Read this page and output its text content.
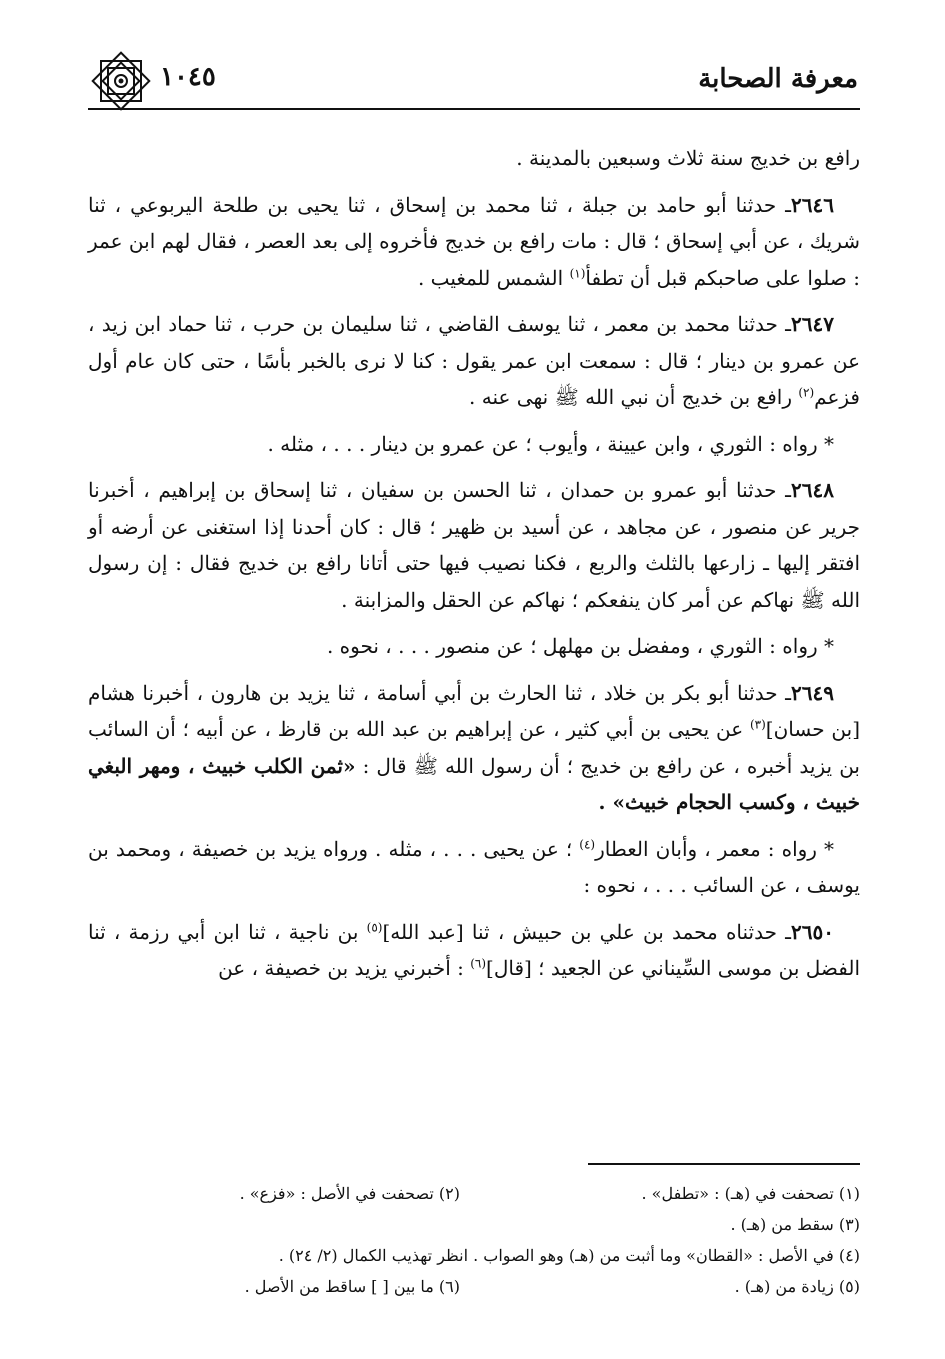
معرفة الصحابة
١٠٤٥

رافع بن خديج سنة ثلاث وسبعين بالمدينة .

٢٦٤٦ـ حدثنا أبو حامد بن جبلة ، ثنا محمد بن إسحاق ، ثنا يحيى بن طلحة اليربوعي ، ثنا شريك ، عن أبي إسحاق ؛ قال : مات رافع بن خديج فأخروه إلى بعد العصر ، فقال لهم ابن عمر : صلوا على صاحبكم قبل أن تطفأ$^{(١)}$ الشمس للمغيب .

٢٦٤٧ـ حدثنا محمد بن معمر ، ثنا يوسف القاضي ، ثنا سليمان بن حرب ، ثنا حماد ابن زيد ، عن عمرو بن دينار ؛ قال : سمعت ابن عمر يقول : كنا لا نرى بالخبر بأسًا ، حتى كان عام أول فزعم$^{(٢)}$ رافع بن خديج أن نبي الله ﷺ نهى عنه .

* رواه : الثوري ، وابن عيينة ، وأيوب ؛ عن عمرو بن دينار . . . ، مثله .

٢٦٤٨ـ حدثنا أبو عمرو بن حمدان ، ثنا الحسن بن سفيان ، ثنا إسحاق بن إبراهيم ، أخبرنا جرير عن منصور ، عن مجاهد ، عن أسيد بن ظهير ؛ قال : كان أحدنا إذا استغنى عن أرضه أو افتقر إليها ـ زارعها بالثلث والربع ، فكنا نصيب فيها حتى أتانا رافع بن خديج فقال : إن رسول الله ﷺ نهاكم عن أمر كان ينفعكم ؛ نهاكم عن الحقل والمزابنة .

* رواه : الثوري ، ومفضل بن مهلهل ؛ عن منصور . . . ، نحوه .

٢٦٤٩ـ حدثنا أبو بكر بن خلاد ، ثنا الحارث بن أبي أسامة ، ثنا يزيد بن هارون ، أخبرنا هشام [بن حسان]$^{(٣)}$ عن يحيى بن أبي كثير ، عن إبراهيم بن عبد الله بن قارظ ، عن أبيه ؛ أن السائب بن يزيد أخبره ، عن رافع بن خديج ؛ أن رسول الله ﷺ قال : «ثمن الكلب خبيث ، ومهر البغي خبيث ، وكسب الحجام خبيث» .

* رواه : معمر ، وأبان العطار$^{(٤)}$ ؛ عن يحيى . . . ، مثله . ورواه يزيد بن خصيفة ، ومحمد بن يوسف ، عن السائب . . . ، نحوه :

٢٦٥٠ـ حدثناه محمد بن علي بن حبيش ، ثنا [عبد الله]$^{(٥)}$ بن ناجية ، ثنا ابن أبي رزمة ، ثنا الفضل بن موسى السِّيناني عن الجعيد ؛ [قال]$^{(٦)}$ : أخبرني يزيد بن خصيفة ، عن

(١) تصحفت في (هـ) : «تطفل» .
(٢) تصحفت في الأصل : «فزع» .
(٣) سقط من (هـ) .
(٤) في الأصل : «القطان» وما أثبت من (هـ) وهو الصواب . انظر تهذيب الكمال (٢/ ٢٤) .
(٥) زيادة من (هـ) .
(٦) ما بين [ ] ساقط من الأصل .
